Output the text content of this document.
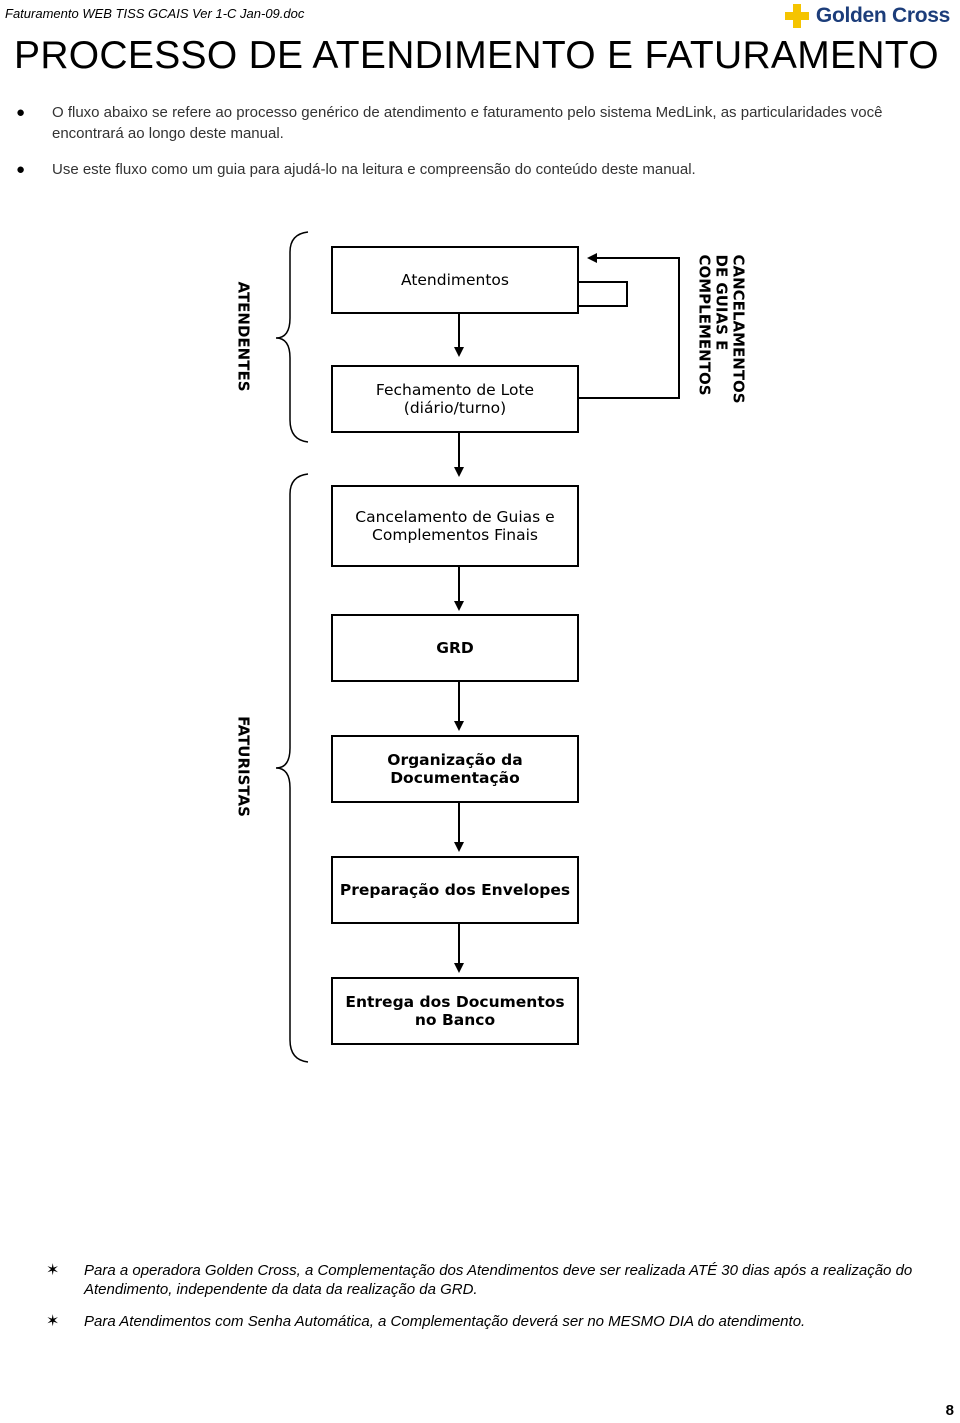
Faturamento WEB TISS GCAIS Ver 1-C Jan-09.doc	Golden Cross
PROCESSO DE ATENDIMENTO E FATURAMENTO
●	O fluxo abaixo se refere ao processo genérico de atendimento e faturamento pelo sistema MedLink, as particularidades você encontrará ao longo deste manual.
●	Use este fluxo como um guia para ajudá-lo na leitura e compreensão do conteúdo deste manual.
Atendimentos
Fechamento de Lote
(diário/turno)
Cancelamento de Guias e
Complementos Finais
GRD
Organização da
Documentação
Preparação dos Envelopes
Entrega dos Documentos
no Banco
ATENDENTES
FATURISTAS
CANCELAMENTOS
DE GUIAS E
COMPLEMENTOS
✶	Para a operadora Golden Cross, a Complementação dos Atendimentos deve ser realizada ATÉ 30 dias após a realização do Atendimento, independente da data da realização da GRD.
✶	Para Atendimentos com Senha Automática, a Complementação deverá ser no MESMO DIA do atendimento.
8
